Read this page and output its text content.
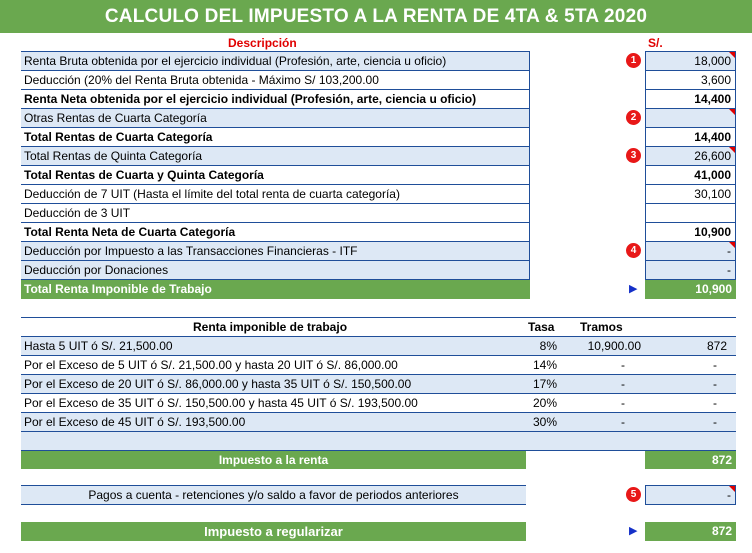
CALCULO DEL IMPUESTO A LA RENTA DE 4TA & 5TA 2020
Descripción	S/.
Renta Bruta obtenida por el ejercicio individual (Profesión, arte, ciencia u oficio)	18,000
Deducción (20% del Renta Bruta obtenida - Máximo S/ 103,200.00	3,600
Renta Neta obtenida por el ejercicio individual (Profesión, arte, ciencia u oficio)	14,400
Otras Rentas de Cuarta Categoría
Total Rentas de Cuarta Categoría	14,400
Total Rentas de Quinta Categoría	26,600
Total Rentas de Cuarta y Quinta Categoría	41,000
Deducción de 7 UIT (Hasta el límite del total renta de cuarta categoría)	30,100
Deducción de 3 UIT
Total Renta Neta de Cuarta Categoría	10,900
Deducción por Impuesto a las Transacciones Financieras - ITF	-
Deducción por Donaciones	-
Total Renta Imponible de Trabajo	▶	10,900
1
2
3
4
Renta imponible de trabajo	Tasa Tramos
Hasta 5 UIT ó S/. 21,500.00	8%	10,900.00	872
Por el Exceso de 5 UIT ó S/. 21,500.00 y hasta 20 UIT ó S/. 86,000.00	14%	-	-
Por el Exceso de 20 UIT ó S/. 86,000.00 y hasta 35 UIT ó S/. 150,500.00	17%	-	-
Por el Exceso de 35 UIT ó S/. 150,500.00 y hasta 45 UIT ó S/. 193,500.00	20%	-	-
Por el Exceso de 45 UIT ó S/. 193,500.00	30%	-	-
Impuesto a la renta	872
Pagos a cuenta - retenciones y/o saldo a favor de periodos anteriores	5	-
Impuesto a regularizar	▶	872
